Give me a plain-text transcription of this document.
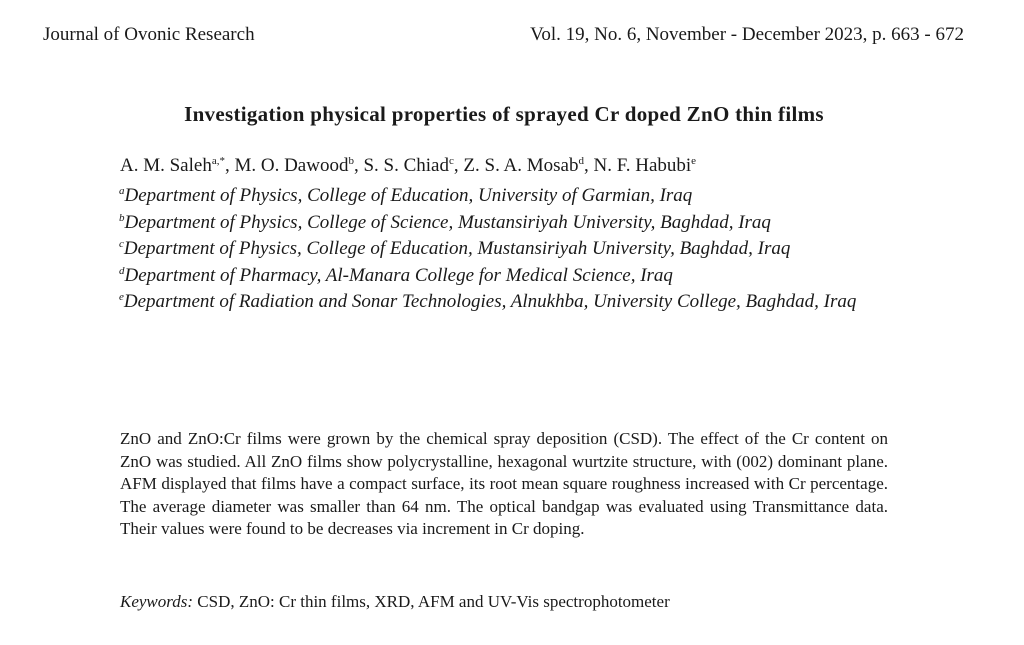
Journal of Ovonic Research	Vol. 19, No. 6, November - December 2023, p. 663 - 672
Investigation physical properties of sprayed Cr doped ZnO thin films
A. M. Saleh$^{a,*}$, M. O. Dawood$^b$, S. S. Chiad$^c$, Z. S. A. Mosab$^d$, N. F. Habubi$^e$
$^a$Department of Physics, College of Education, University of Garmian, Iraq
$^b$Department of Physics, College of Science, Mustansiriyah University, Baghdad, Iraq
$^c$Department of Physics, College of Education, Mustansiriyah University, Baghdad, Iraq
$^d$Department of Pharmacy, Al-Manara College for Medical Science, Iraq
$^e$Department of Radiation and Sonar Technologies, Alnukhba, University College, Baghdad, Iraq
ZnO and ZnO:Cr films were grown by the chemical spray deposition (CSD). The effect of the Cr content on ZnO was studied. All ZnO films show polycrystalline, hexagonal wurtzite structure, with (002) dominant plane. AFM displayed that films have a compact surface, its root mean square roughness increased with Cr percentage. The average diameter was smaller than 64 nm. The optical bandgap was evaluated using Transmittance data. Their values were found to be decreases via increment in Cr doping.
Keywords: CSD, ZnO: Cr thin films, XRD, AFM and UV-Vis spectrophotometer
